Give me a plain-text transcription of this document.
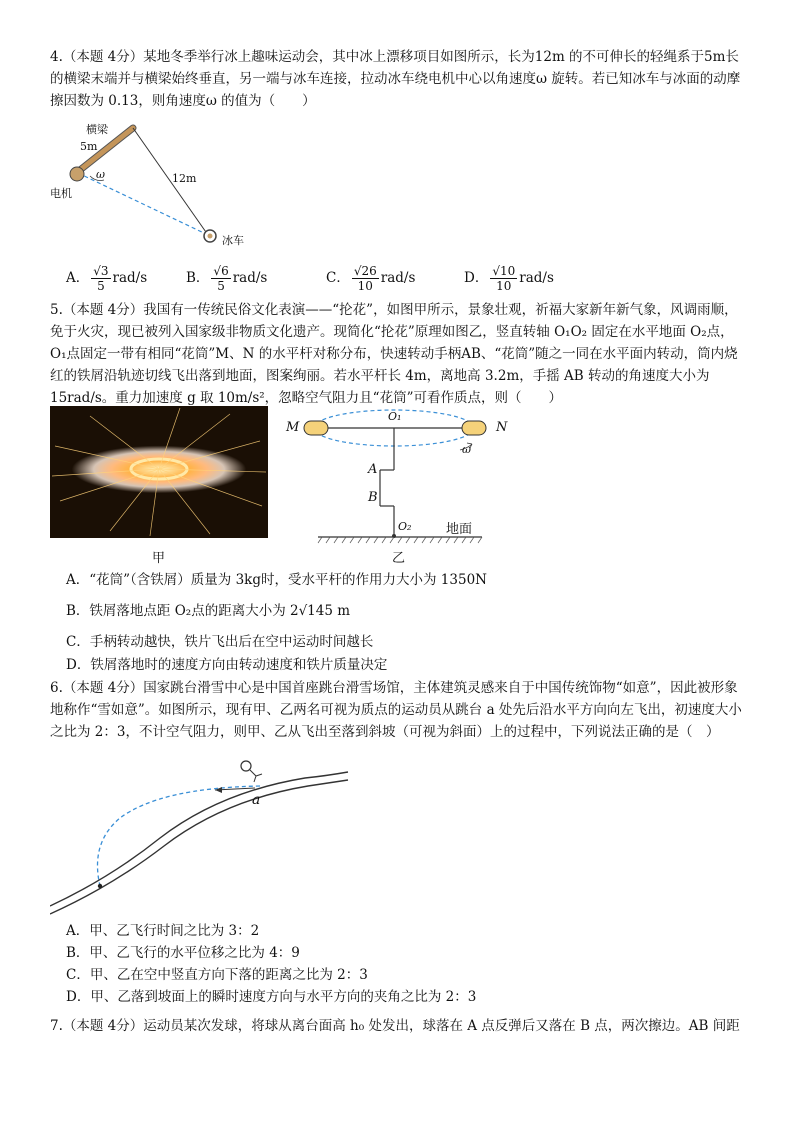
4.（本题 4分）某地冬季举行冰上趣味运动会，其中冰上漂移项目如图所示，长为12m 的不可伸长的轻绳系于5m长的横梁末端并与横梁始终垂直，另一端与冰车连接，拉动冰车绕电机中心以角速度ω 旋转。若已知冰车与冰面的动摩擦因数为 0.13，则角速度ω 的值为（　　）

横梁
5m
12m
电机
ω
冰车
A． $\frac{√3}{5} rad/s$	B． $\frac{√6}{5} rad/s$	C． $\frac{√26}{10} rad/s$	D． $\frac{√10}{10} rad/s$

5.（本题 4分）我国有一传统民俗文化表演——“抡花”，如图甲所示，景象壮观，祈福大家新年新气象，风调雨顺，免于火灾，现已被列入国家级非物质文化遗产。现简化“抡花”原理如图乙，竖直转轴 O₁O₂ 固定在水平地面 O₂点，O₁点固定一带有相同“花筒”M、N 的水平杆对称分布，快速转动手柄AB、“花筒”随之一同在水平面内转动，筒内烧红的铁屑沿轨迹切线飞出落到地面，图案绚丽。若水平杆长 4m，离地高 3.2m，手摇 AB 转动的角速度大小为15rad/s。重力加速度 g 取 10m/s²，忽略空气阻力且“花筒”可看作质点，则（　　）

甲
M	N
O₁
A
B
O₂	地面
ω
乙
A．“花筒”（含铁屑）质量为 3kg时，受水平杆的作用力大小为 1350N
B．铁屑落地点距 O₂点的距离大小为 2√145 m
C．手柄转动越快，铁片飞出后在空中运动时间越长
D．铁屑落地时的速度方向由转动速度和铁片质量决定

6.（本题 4分）国家跳台滑雪中心是中国首座跳台滑雪场馆，主体建筑灵感来自于中国传统饰物“如意”，因此被形象地称作“雪如意”。如图所示，现有甲、乙两名可视为质点的运动员从跳台 a 处先后沿水平方向向左飞出，初速度大小之比为 2：3，不计空气阻力，则甲、乙从飞出至落到斜坡（可视为斜面）上的过程中，下列说法正确的是（　）

a
A．甲、乙飞行时间之比为 3：2
B．甲、乙飞行的水平位移之比为 4：9
C．甲、乙在空中竖直方向下落的距离之比为 2：3
D．甲、乙落到坡面上的瞬时速度方向与水平方向的夹角之比为 2：3

7.（本题 4分）运动员某次发球，将球从离台面高 h₀ 处发出，球落在 A 点反弹后又落在 B 点，两次擦边。AB 间距
